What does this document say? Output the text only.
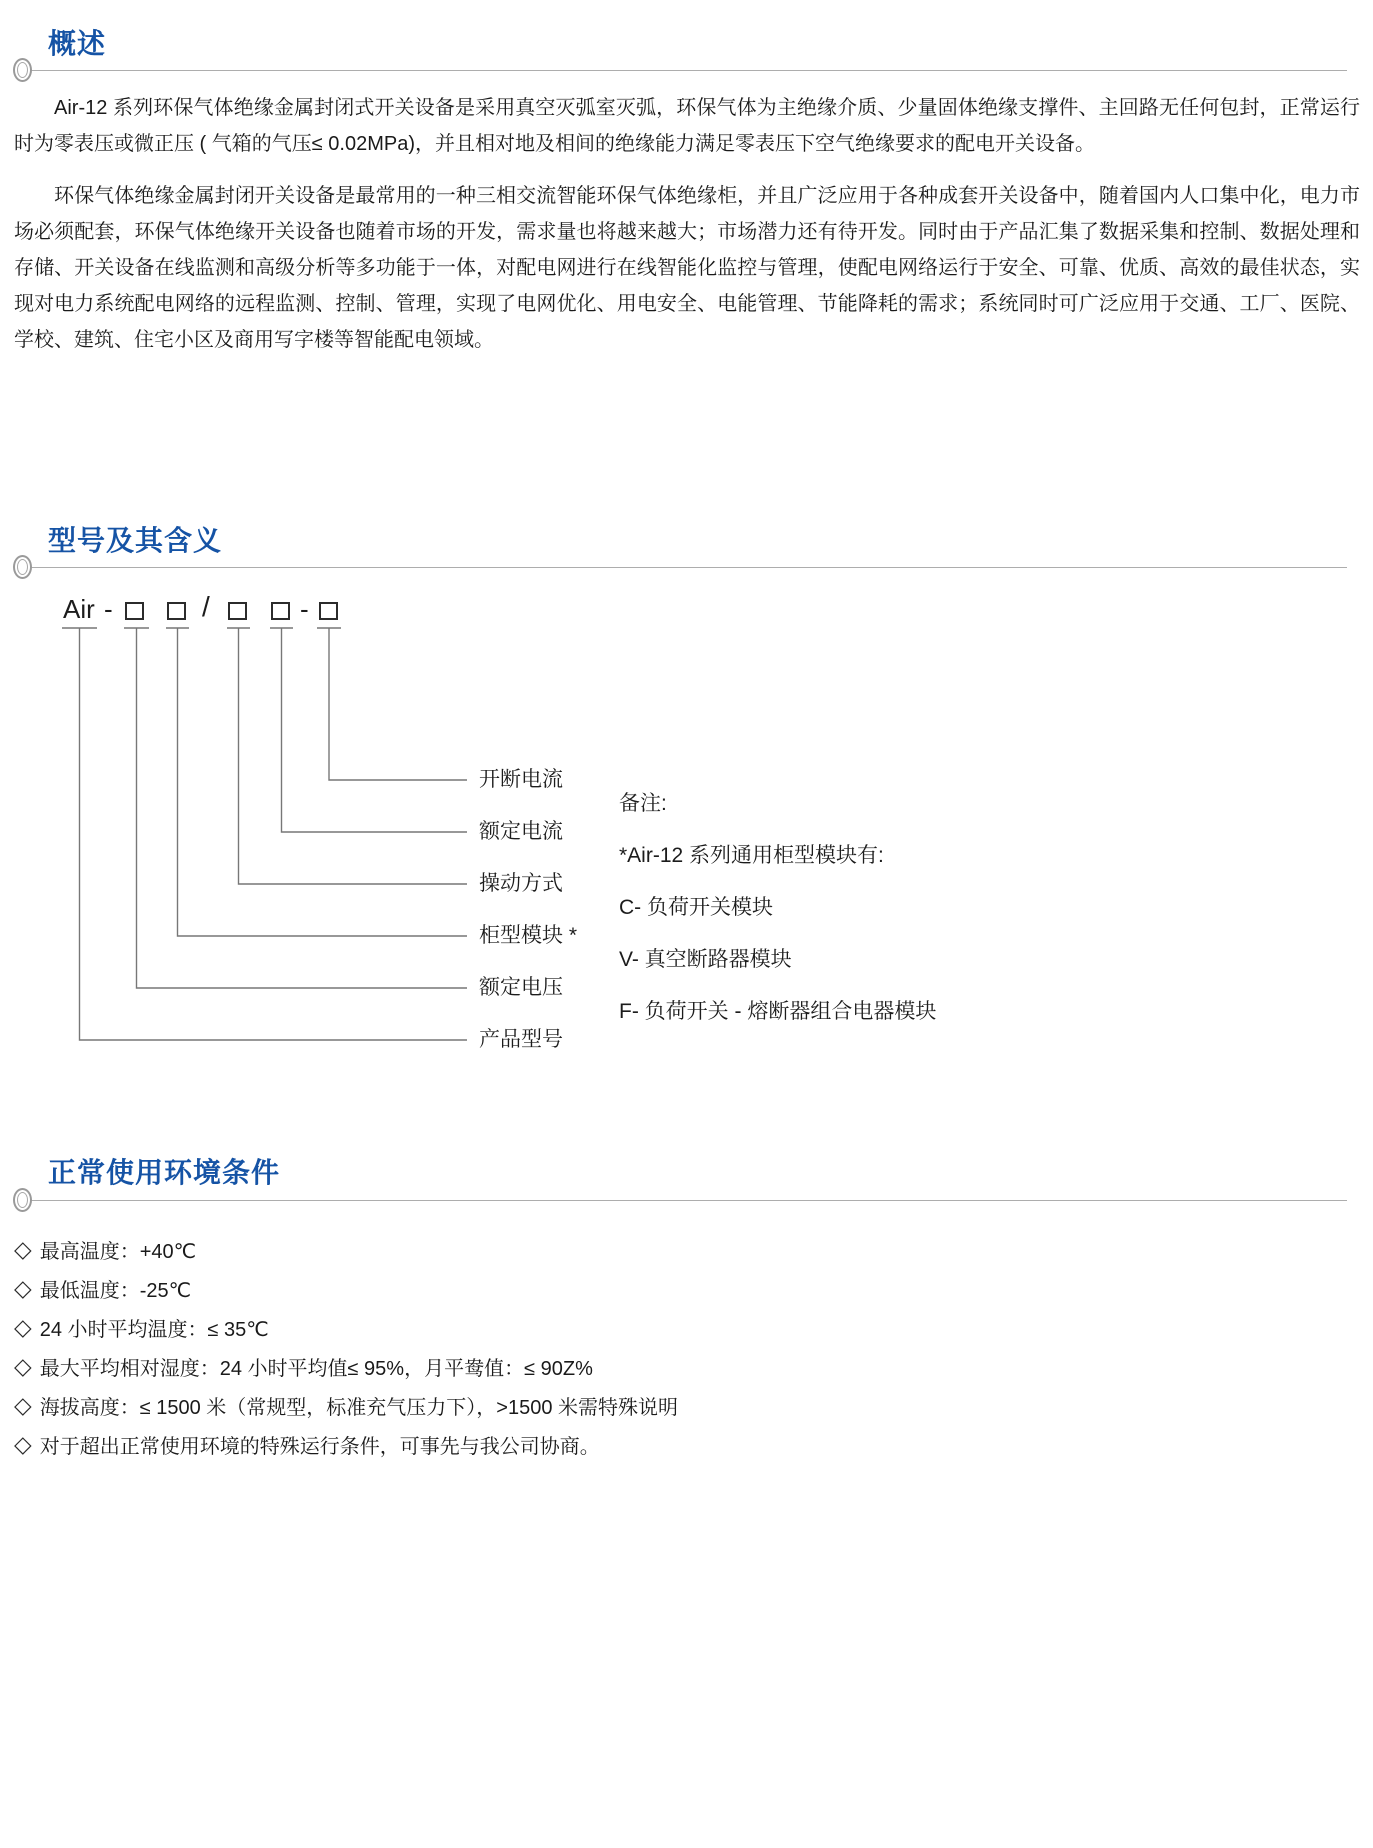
概述

Air-12 系列环保气体绝缘金属封闭式开关设备是采用真空灭弧室灭弧，环保气体为主绝缘介质、少量固体绝缘支撑件、主回路无任何包封，正常运行时为零表压或微正压 ( 气箱的气压≤ 0.02MPa)，并且相对地及相间的绝缘能力满足零表压下空气绝缘要求的配电开关设备。

环保气体绝缘金属封闭开关设备是最常用的一种三相交流智能环保气体绝缘柜，并且广泛应用于各种成套开关设备中，随着国内人口集中化，电力市场必须配套，环保气体绝缘开关设备也随着市场的开发，需求量也将越来越大；市场潜力还有待开发。同时由于产品汇集了数据采集和控制、数据处理和存储、开关设备在线监测和高级分析等多功能于一体，对配电网进行在线智能化监控与管理，使配电网络运行于安全、可靠、优质、高效的最佳状态，实现对电力系统配电网络的远程监测、控制、管理，实现了电网优化、用电安全、电能管理、节能降耗的需求；系统同时可广泛应用于交通、工厂、医院、学校、建筑、住宅小区及商用写字楼等智能配电领域。

型号及其含义
Air -	/	-
开断电流
额定电流
操动方式
柜型模块 *
额定电压
产品型号
备注:
*Air-12 系列通用柜型模块有:
C- 负荷开关模块
V- 真空断路器模块
F- 负荷开关 - 熔断器组合电器模块
正常使用环境条件
◇ 最高温度：+40℃
◇ 最低温度：-25℃
◇ 24 小时平均温度：≤ 35℃
◇ 最大平均相对湿度：24 小时平均值≤ 95%，月平鸯值：≤ 90Z%
◇ 海拔高度：≤ 1500 米（常规型，标准充气压力下），>1500 米需特殊说明
◇ 对于超出正常使用环境的特殊运行条件，可事先与我公司协商。
